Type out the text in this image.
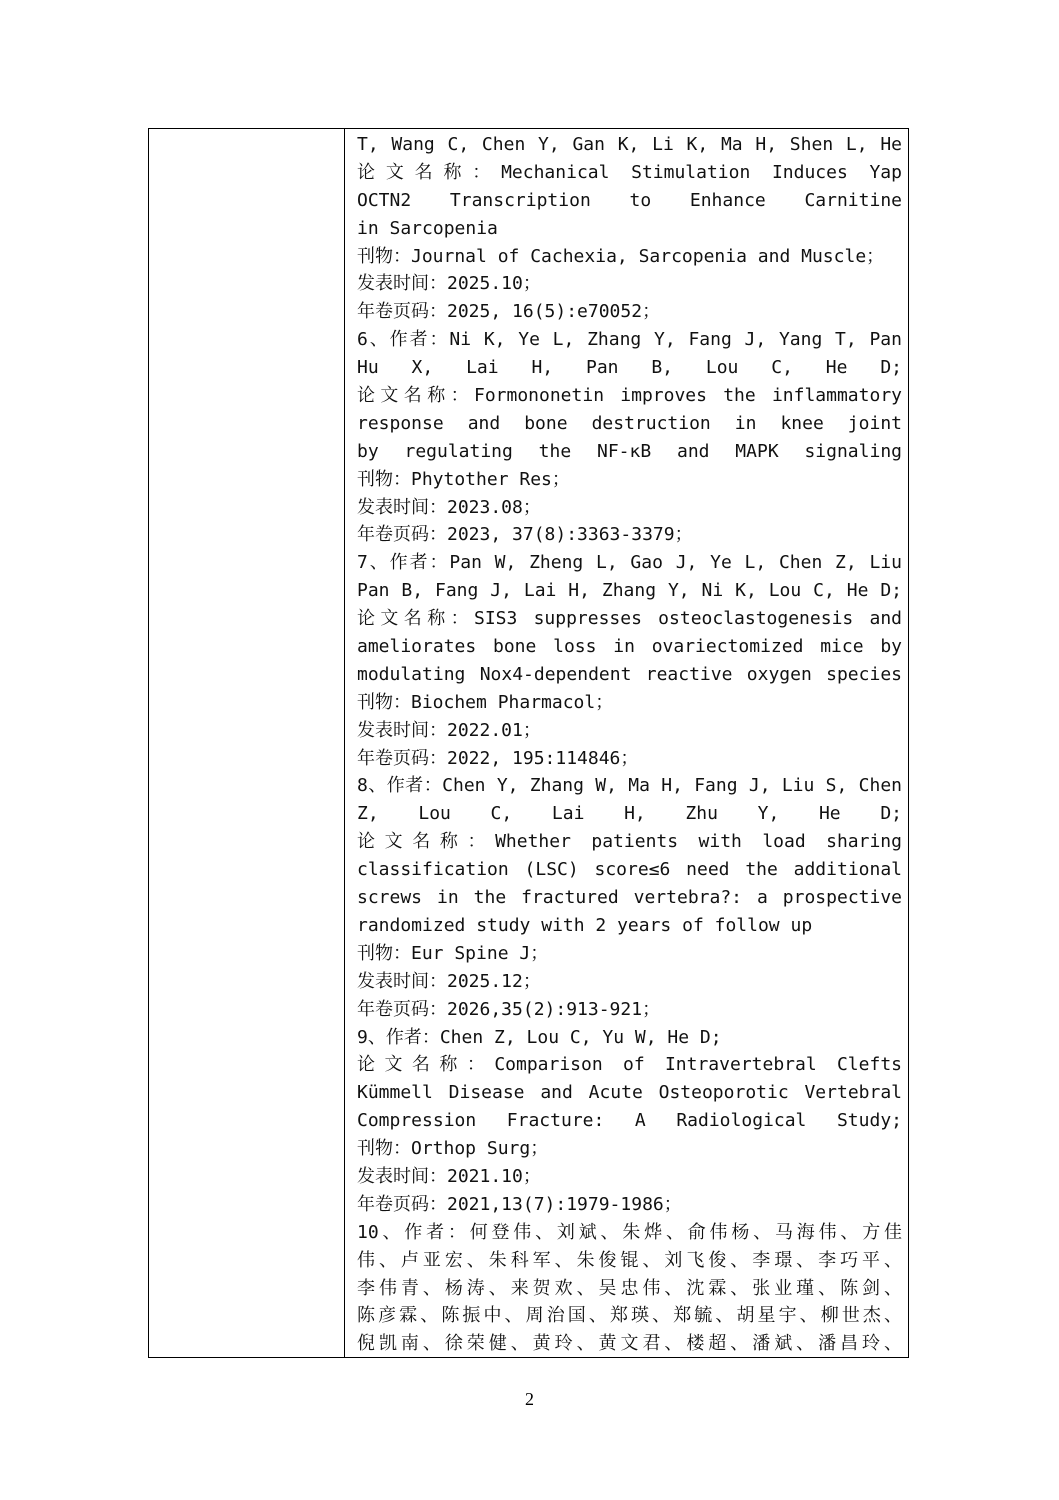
T, Wang C, Chen Y, Gan K, Li K, Ma H, Shen L, He
论文名称：Mechanical Stimulation Induces Yap
OCTN2 Transcription to Enhance Carnitine
in Sarcopenia
刊物：Journal of Cachexia, Sarcopenia and Muscle；
发表时间：2025.10；
年卷页码：2025, 16(5):e70052；
6、作者：Ni K, Ye L, Zhang Y, Fang J, Yang T, Pan
Hu X, Lai H, Pan B, Lou C, He D;
论文名称：Formononetin improves the inflammatory
response and bone destruction in knee joint
by regulating the NF-κB and MAPK signaling
刊物：Phytother Res；
发表时间：2023.08；
年卷页码：2023, 37(8):3363-3379；
7、作者：Pan W, Zheng L, Gao J, Ye L, Chen Z, Liu
Pan B, Fang J, Lai H, Zhang Y, Ni K, Lou C, He D;
论文名称：SIS3 suppresses osteoclastogenesis and
ameliorates bone loss in ovariectomized mice by
modulating Nox4-dependent reactive oxygen species
刊物：Biochem Pharmacol；
发表时间：2022.01；
年卷页码：2022, 195:114846；
8、作者：Chen Y, Zhang W, Ma H, Fang J, Liu S, Chen
Z, Lou C, Lai H, Zhu Y, He D;
论文名称：Whether patients with load sharing
classification (LSC) score≤6 need the additional
screws in the fractured vertebra?: a prospective
randomized study with 2 years of follow up
刊物：Eur Spine J；
发表时间：2025.12；
年卷页码：2026,35(2):913-921；
9、作者：Chen Z, Lou C, Yu W, He D;
论文名称：Comparison of Intravertebral Clefts
Kümmell Disease and Acute Osteoporotic Vertebral
Compression Fracture: A Radiological Study;
刊物：Orthop Surg；
发表时间：2021.10；
年卷页码：2021,13(7):1979-1986；
10、作者：何登伟、刘斌、朱烨、俞伟杨、马海伟、方佳
伟、卢亚宏、朱科军、朱俊锟、刘飞俊、李璟、李巧平、
李伟青、杨涛、来贺欢、吴忠伟、沈霖、张业瑾、陈剑、
陈彦霖、陈振中、周治国、郑瑛、郑毓、胡星宇、柳世杰、
倪凯南、徐荣健、黄玲、黄文君、楼超、潘斌、潘昌玲、
2
